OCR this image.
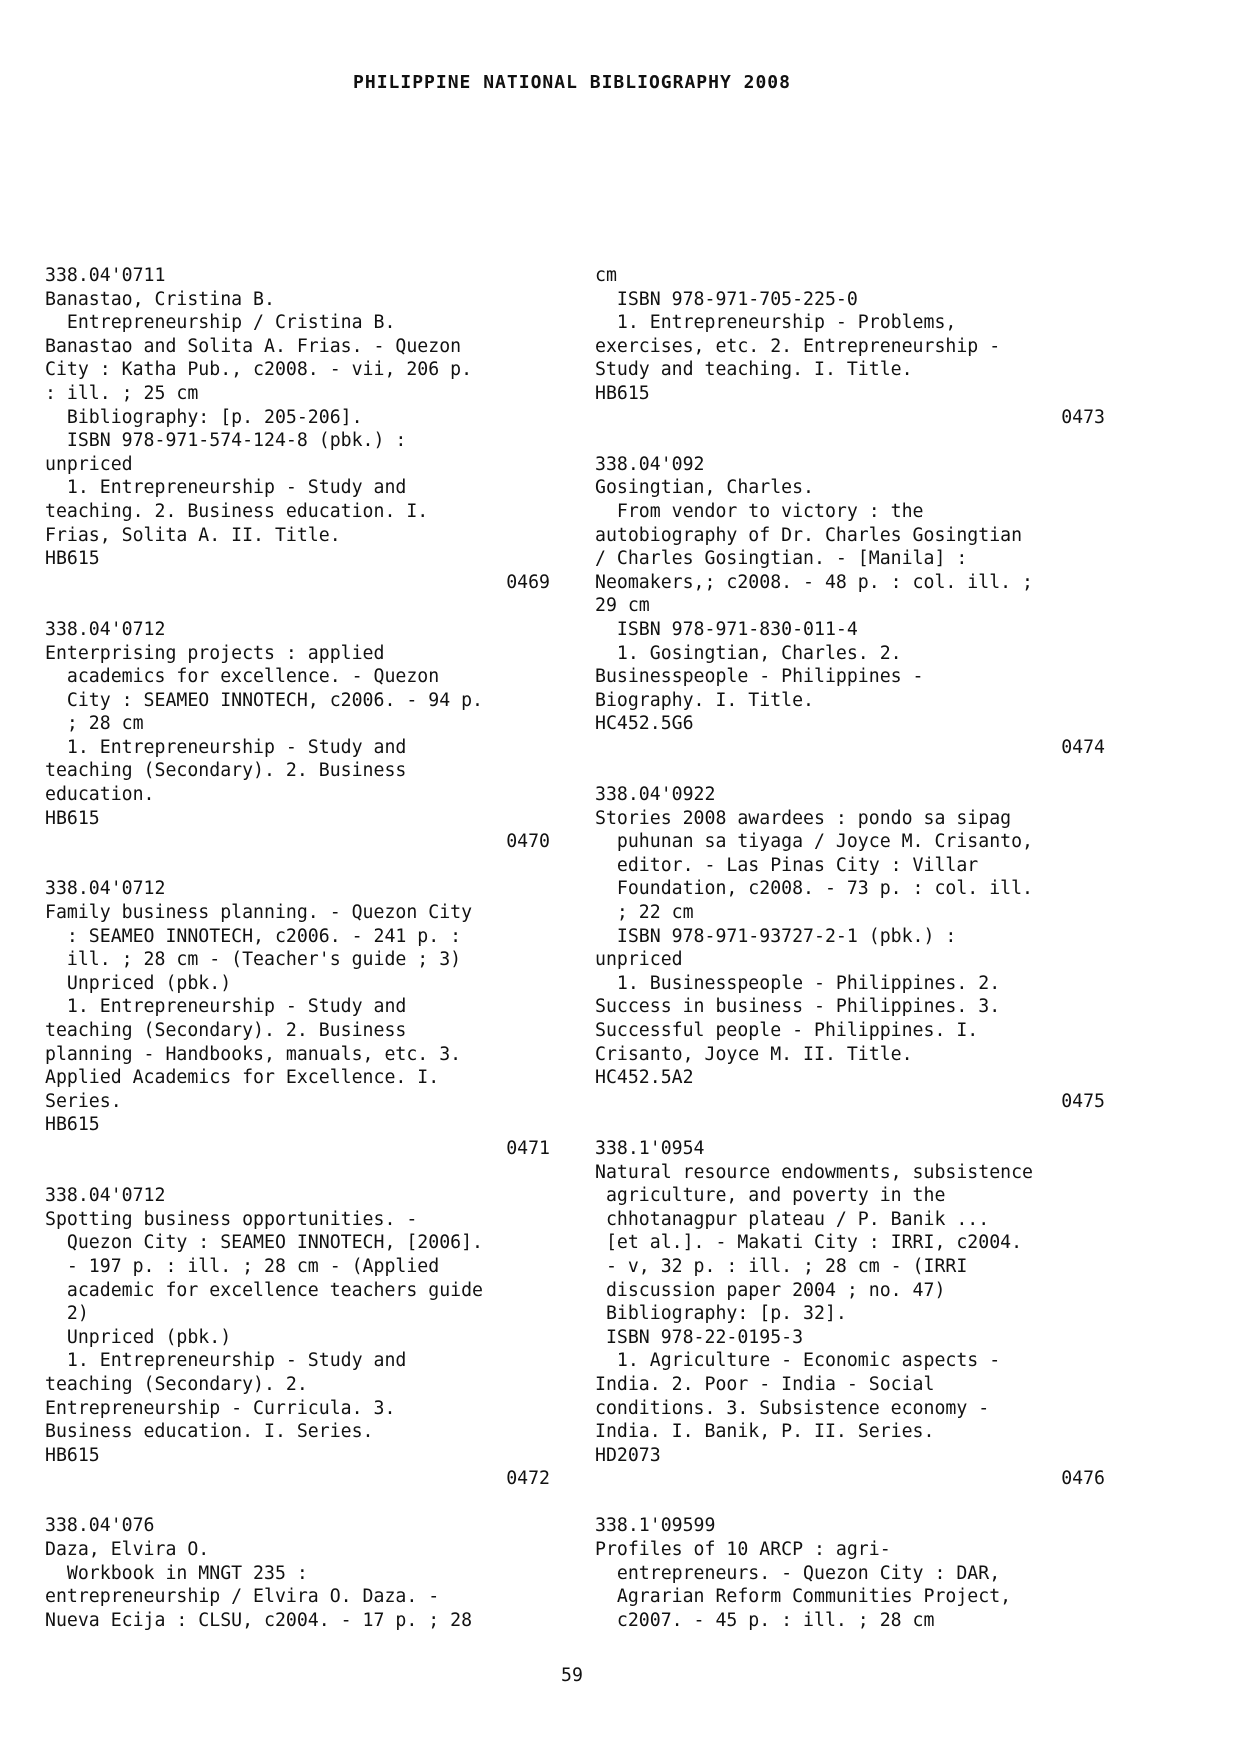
PHILIPPINE NATIONAL BIBLIOGRAPHY 2008
338.04'0711
Banastao, Cristina B.
Entrepreneurship / Cristina B.
Banastao and Solita A. Frias. - Quezon
City : Katha Pub., c2008. - vii, 206 p.
: ill. ; 25 cm
Bibliography: [p. 205-206].
ISBN 978-971-574-124-8 (pbk.) :
unpriced
1. Entrepreneurship - Study and
teaching. 2. Business education. I.
Frias, Solita A. II. Title.
HB615
0469
338.04'0712
Enterprising projects : applied
academics for excellence. - Quezon
City : SEAMEO INNOTECH, c2006. - 94 p.
; 28 cm
1. Entrepreneurship - Study and
teaching (Secondary). 2. Business
education.
HB615
0470
338.04'0712
Family business planning. - Quezon City
: SEAMEO INNOTECH, c2006. - 241 p. :
ill. ; 28 cm - (Teacher's guide ; 3)
Unpriced (pbk.)
1. Entrepreneurship - Study and
teaching (Secondary). 2. Business
planning - Handbooks, manuals, etc. 3.
Applied Academics for Excellence. I.
Series.
HB615
0471
338.04'0712
Spotting business opportunities. -
Quezon City : SEAMEO INNOTECH, [2006].
- 197 p. : ill. ; 28 cm - (Applied
academic for excellence teachers guide
2)
Unpriced (pbk.)
1. Entrepreneurship - Study and
teaching (Secondary). 2.
Entrepreneurship - Curricula. 3.
Business education. I. Series.
HB615
0472
338.04'076
Daza, Elvira O.
Workbook in MNGT 235 :
entrepreneurship / Elvira O. Daza. -
Nueva Ecija : CLSU, c2004. - 17 p. ; 28
cm
ISBN 978-971-705-225-0
1. Entrepreneurship - Problems,
exercises, etc. 2. Entrepreneurship -
Study and teaching. I. Title.
HB615
0473
338.04'092
Gosingtian, Charles.
From vendor to victory : the
autobiography of Dr. Charles Gosingtian
/ Charles Gosingtian. - [Manila] :
Neomakers,; c2008. - 48 p. : col. ill. ;
29 cm
ISBN 978-971-830-011-4
1. Gosingtian, Charles. 2.
Businesspeople - Philippines -
Biography. I. Title.
HC452.5G6
0474
338.04'0922
Stories 2008 awardees : pondo sa sipag
puhunan sa tiyaga / Joyce M. Crisanto,
editor. - Las Pinas City : Villar
Foundation, c2008. - 73 p. : col. ill.
; 22 cm
ISBN 978-971-93727-2-1 (pbk.) :
unpriced
1. Businesspeople - Philippines. 2.
Success in business - Philippines. 3.
Successful people - Philippines. I.
Crisanto, Joyce M. II. Title.
HC452.5A2
0475
338.1'0954
Natural resource endowments, subsistence
agriculture, and poverty in the
chhotanagpur plateau / P. Banik ...
[et al.]. - Makati City : IRRI, c2004.
- v, 32 p. : ill. ; 28 cm - (IRRI
discussion paper 2004 ; no. 47)
Bibliography: [p. 32].
ISBN 978-22-0195-3
1. Agriculture - Economic aspects -
India. 2. Poor - India - Social
conditions. 3. Subsistence economy -
India. I. Banik, P. II. Series.
HD2073
0476
338.1'09599
Profiles of 10 ARCP : agri-
entrepreneurs. - Quezon City : DAR,
Agrarian Reform Communities Project,
c2007. - 45 p. : ill. ; 28 cm
59
